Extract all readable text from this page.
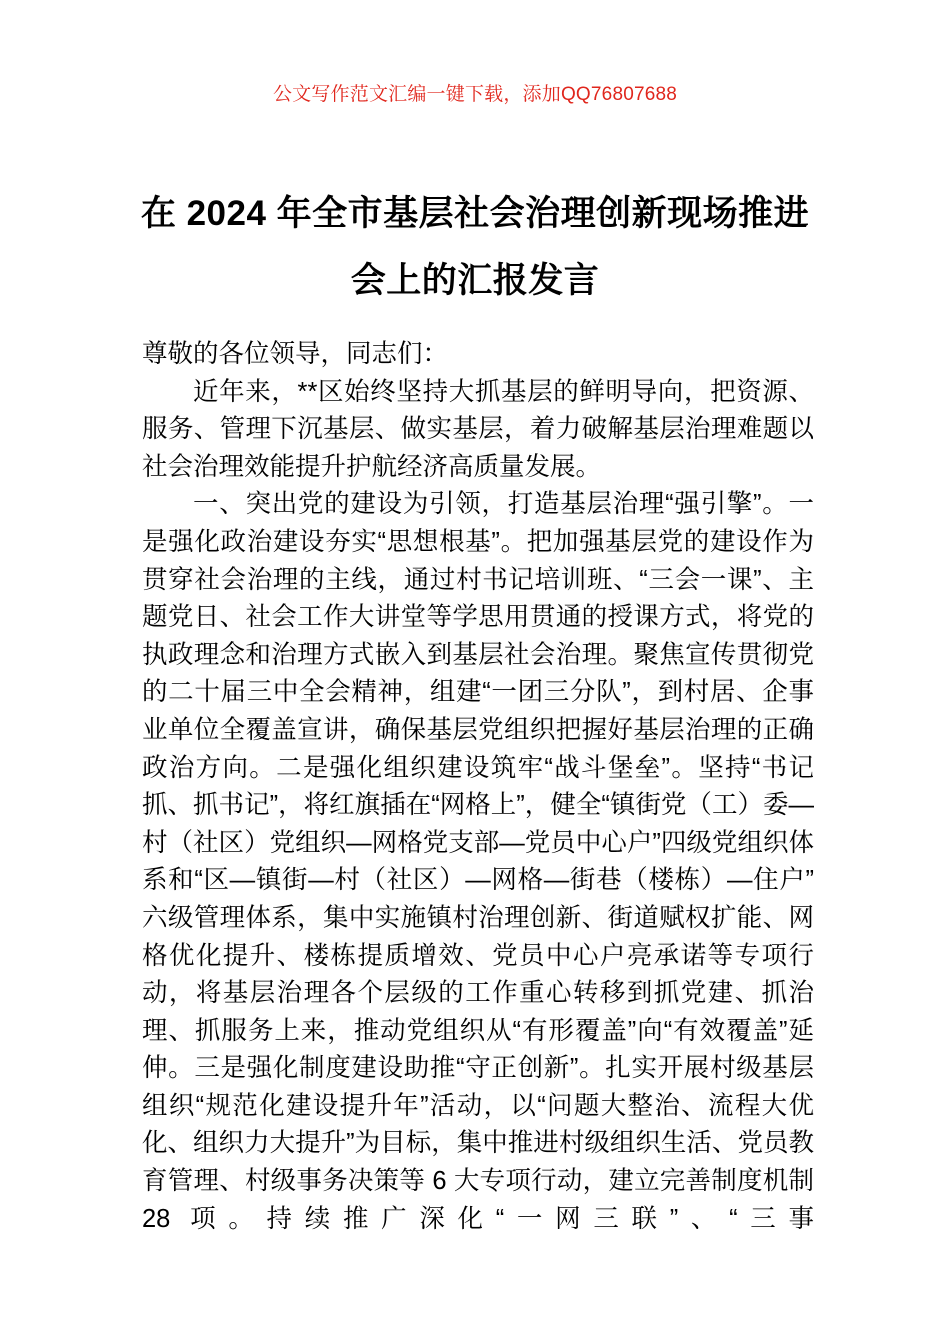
公文写作范文汇编一键下载，添加QQ76807688
在 2024 年全市基层社会治理创新现场推进
会上的汇报发言

尊敬的各位领导，同志们：

近年来，**区始终坚持大抓基层的鲜明导向，把资源、服务、管理下沉基层、做实基层，着力破解基层治理难题以社会治理效能提升护航经济高质量发展。

一、突出党的建设为引领，打造基层治理“强引擎”。一是强化政治建设夯实“思想根基”。把加强基层党的建设作为贯穿社会治理的主线，通过村书记培训班、“三会一课”、主题党日、社会工作大讲堂等学思用贯通的授课方式，将党的执政理念和治理方式嵌入到基层社会治理。聚焦宣传贯彻党的二十届三中全会精神，组建“一团三分队”，到村居、企事业单位全覆盖宣讲，确保基层党组织把握好基层治理的正确政治方向。二是强化组织建设筑牢“战斗堡垒”。坚持“书记抓、抓书记”，将红旗插在“网格上”，健全“镇街党（工）委—村（社区）党组织—网格党支部—党员中心户”四级党组织体系和“区—镇街—村（社区）—网格—街巷（楼栋）—住户”六级管理体系，集中实施镇村治理创新、街道赋权扩能、网格优化提升、楼栋提质增效、党员中心户亮承诺等专项行动，将基层治理各个层级的工作重心转移到抓党建、抓治理、抓服务上来，推动党组织从“有形覆盖”向“有效覆盖”延伸。三是强化制度建设助推“守正创新”。扎实开展村级基层组织“规范化建设提升年”活动，以“问题大整治、流程大优化、组织力大提升”为目标，集中推进村级组织生活、党员教育管理、村级事务决策等 6 大专项行动，建立完善制度机制 28 项。持续推广深化“一网三联”、“三事
